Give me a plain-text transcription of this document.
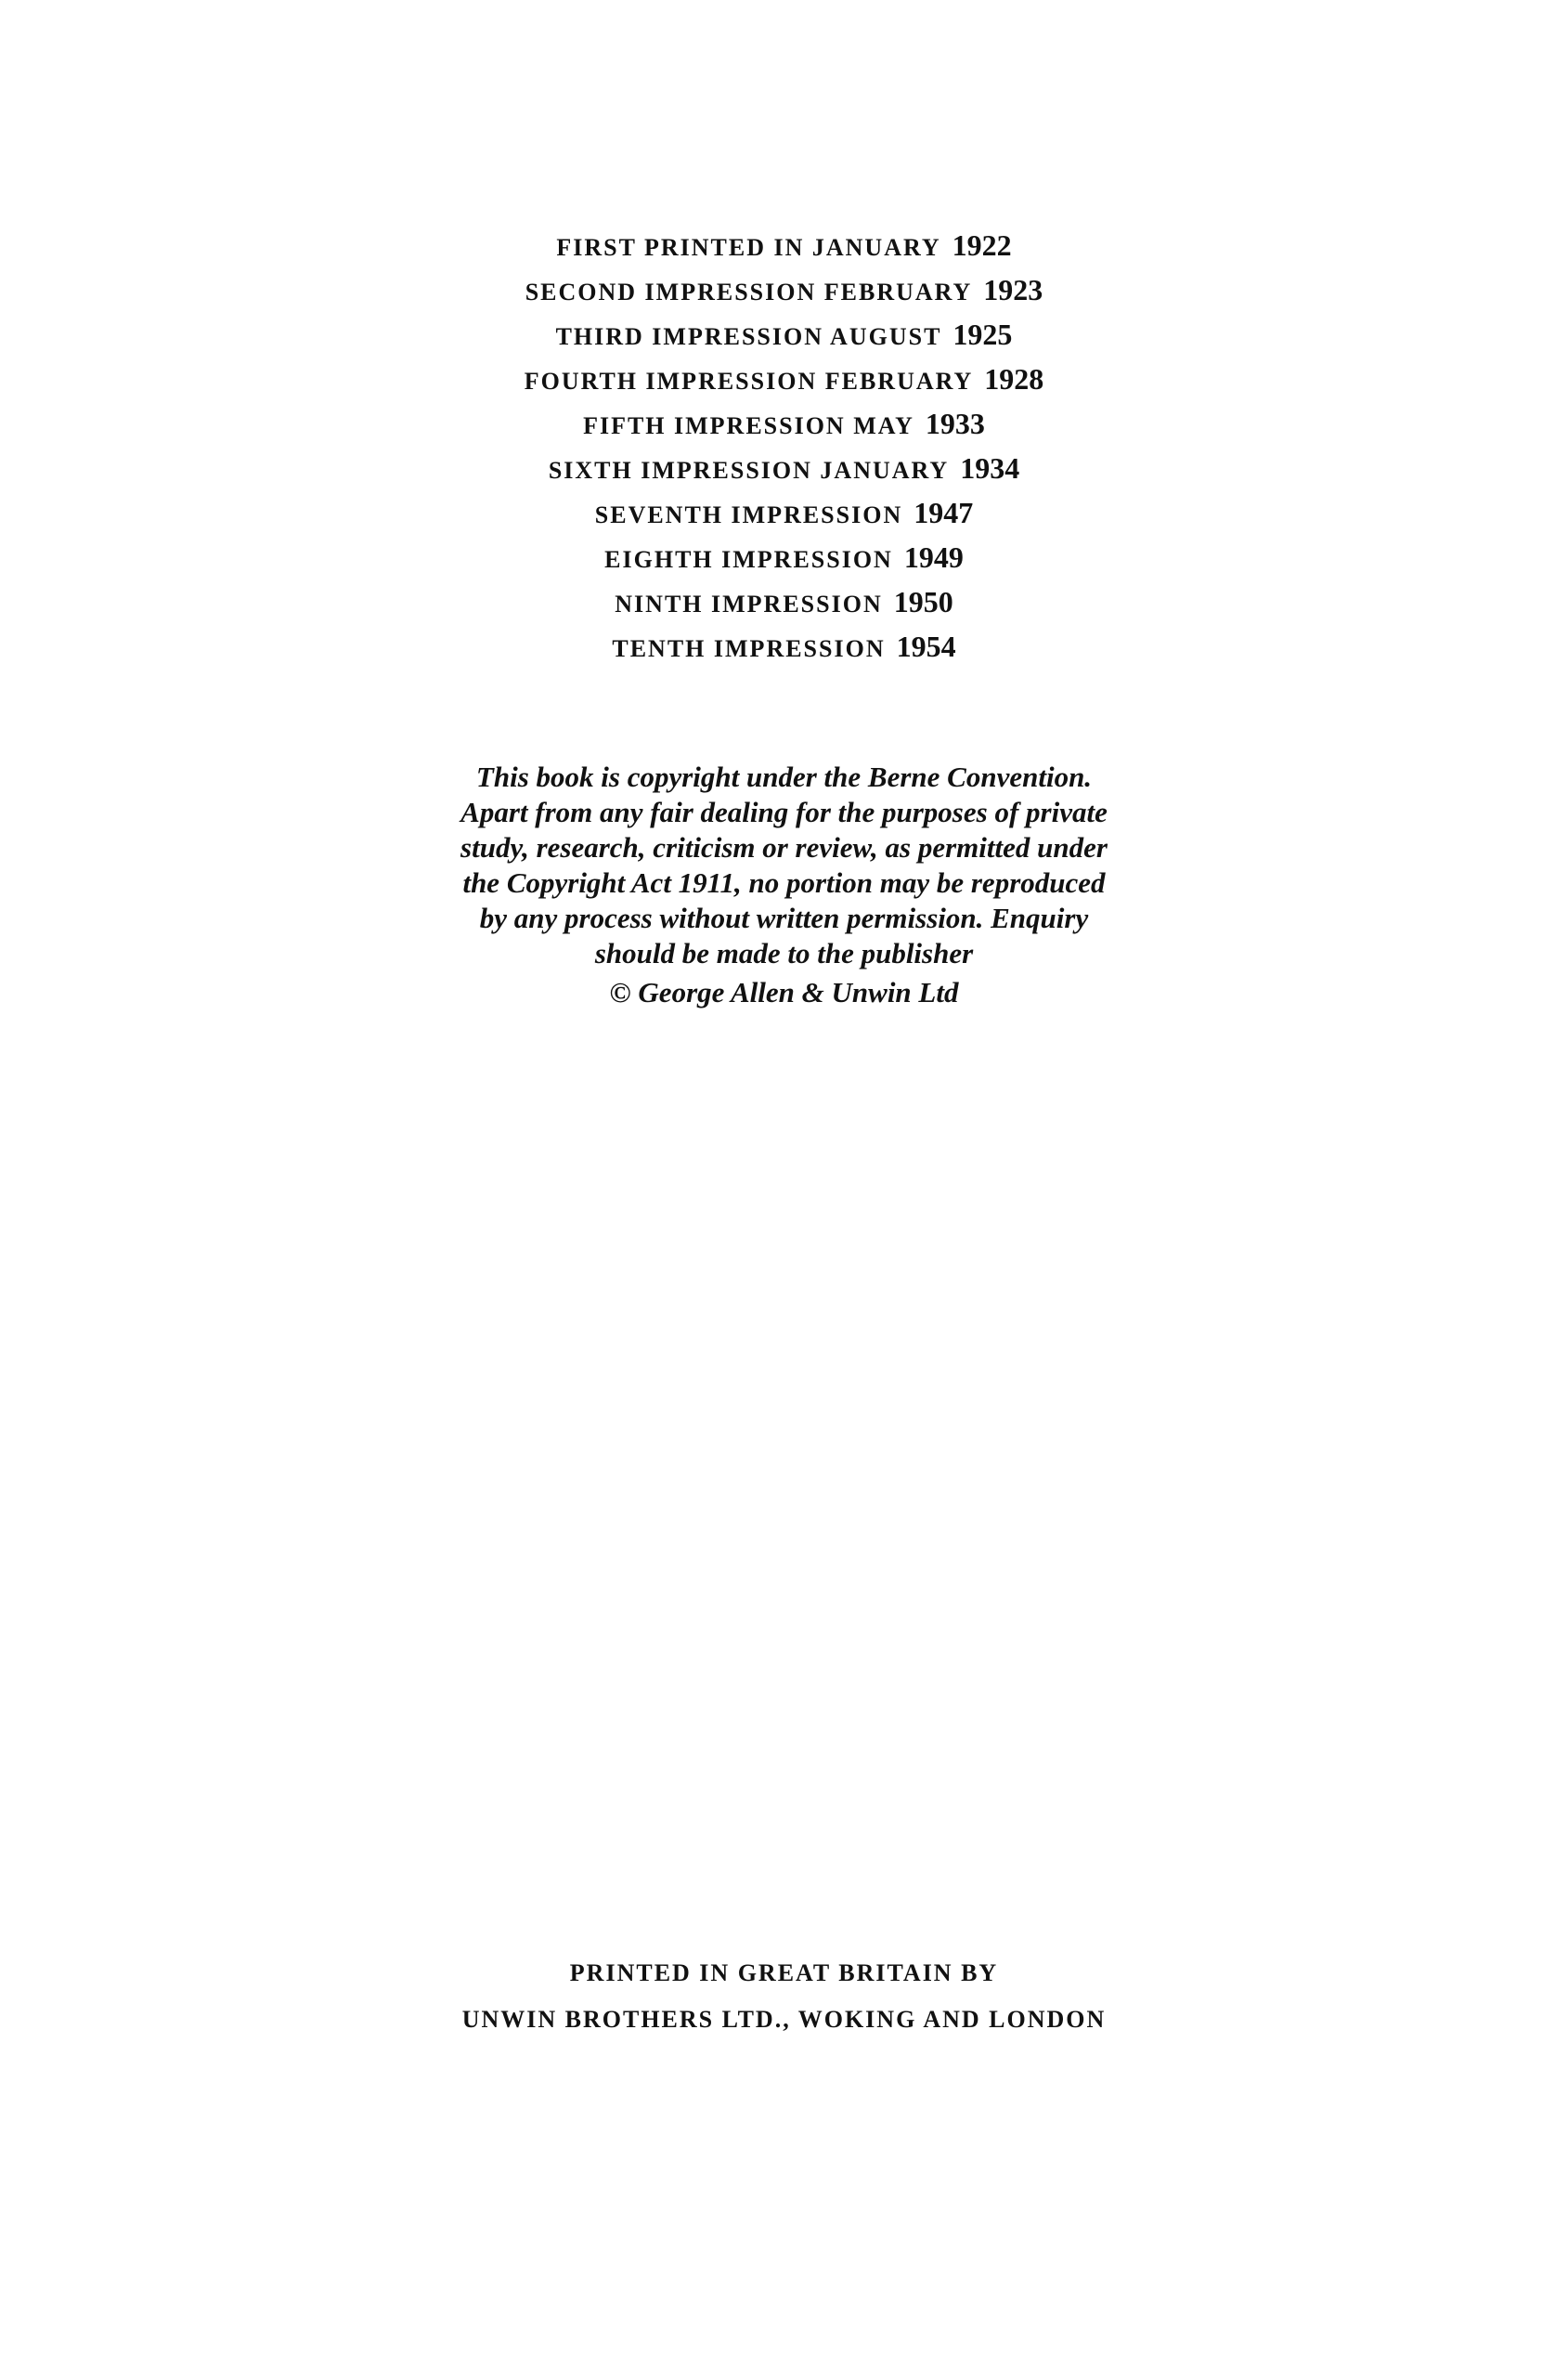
FIRST PRINTED IN JANUARY 1922
SECOND IMPRESSION FEBRUARY 1923
THIRD IMPRESSION AUGUST 1925
FOURTH IMPRESSION FEBRUARY 1928
FIFTH IMPRESSION MAY 1933
SIXTH IMPRESSION JANUARY 1934
SEVENTH IMPRESSION 1947
EIGHTH IMPRESSION 1949
NINTH IMPRESSION 1950
TENTH IMPRESSION 1954
This book is copyright under the Berne Convention.
Apart from any fair dealing for the purposes of private
study, research, criticism or review, as permitted under
the Copyright Act 1911, no portion may be reproduced
by any process without written permission. Enquiry
should be made to the publisher
© George Allen & Unwin Ltd
PRINTED IN GREAT BRITAIN BY
UNWIN BROTHERS LTD., WOKING AND LONDON
